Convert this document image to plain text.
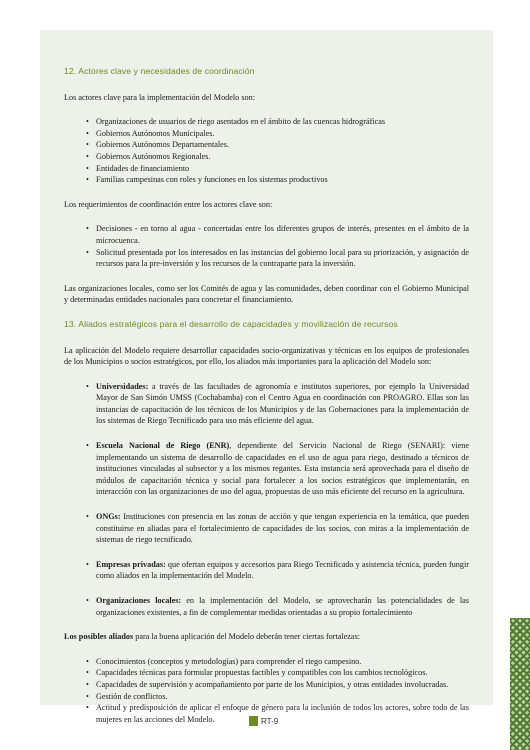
12. Actores clave y necesidades de coordinación
Los actores clave para la implementación del Modelo son:
• Organizaciones de usuarios de riego asentados en el ámbito de las cuencas hidrográficas
• Gobiernos Autónomos Municipales.
• Gobiernos Autónomos Departamentales.
• Gobiernos Autónomos Regionales.
• Entidades de financiamiento
• Familias campesinas con roles y funciones en los sistemas productivos
Los requerimientos de coordinación entre los actores clave son:
• Decisiones - en torno al agua - concertadas entre los diferentes grupos de interés, presentes en el ámbito de la microcuenca.
• Solicitud presentada por los interesados en las instancias del gobierno local para su priorización, y asignación de recursos para la pre-inversión y los recursos de la contraparte para la inversión.
Las organizaciones locales, como ser los Comités de agua y las comunidades, deben coordinar con el Gobierno Municipal y determinadas entidades nacionales para concretar el financiamiento.
13. Aliados estratégicos para el desarrollo de capacidades y movilización de recursos
La aplicación del Modelo requiere desarrollar capacidades socio-organizativas y técnicas en los equipos de profesionales de los Municipios o socios estratégicos, por ello, los aliados más importantes para la aplicación del Modelo son:
• Universidades: a través de las facultades de agronomía e institutos superiores, por ejemplo la Universidad Mayor de San Simón UMSS (Cochabamba) con el Centro Agua en coordinación con PROAGRO. Ellas son las instancias de capacitación de los técnicos de los Municipios y de las Gobernaciones para la implementación de los sistemas de Riego Tecnificado para uso más eficiente del agua.
• Escuela Nacional de Riego (ENR), dependiente del Servicio Nacional de Riego (SENARI): viene implementando un sistema de desarrollo de capacidades en el uso de agua para riego, destinado a técnicos de instituciones vinculadas al subsector y a los mismos regantes. Esta instancia será aprovechada para el diseño de módulos de capacitación técnica y social para fortalecer a los socios estratégicos que implementarán, en interacción con las organizaciones de uso del agua, propuestas de uso más eficiente del recurso en la agricultura.
• ONGs: Instituciones con presencia en las zonas de acción y que tengan experiencia en la temática, que pueden constituirse en aliadas para el fortalecimiento de capacidades de los socios, con miras a la implementación de sistemas de riego tecnificado.
• Empresas privadas: que ofertan equipos y accesorios para Riego Tecnificado y asistencia técnica, pueden fungir como aliados en la implementación del Modelo.
• Organizaciones locales: en la implementación del Modelo, se aprovecharán las potencialidades de las organizaciones existentes, a fin de complementar medidas orientadas a su propio fortalecimiento
Los posibles aliados para la buena aplicación del Modelo deberán tener ciertas fortalezas:
• Conocimientos (conceptos y metodologías) para comprender el riego campesino.
• Capacidades técnicas para formular propuestas factibles y compatibles con los cambios tecnológicos.
• Capacidades de supervisión y acompañamiento por parte de los Municipios, y otras entidades involucradas.
• Gestión de conflictos.
• Actitud y predisposición de aplicar el enfoque de género para la inclusión de todos los actores, sobre todo de las mujeres en las acciones del Modelo.	RT-9
